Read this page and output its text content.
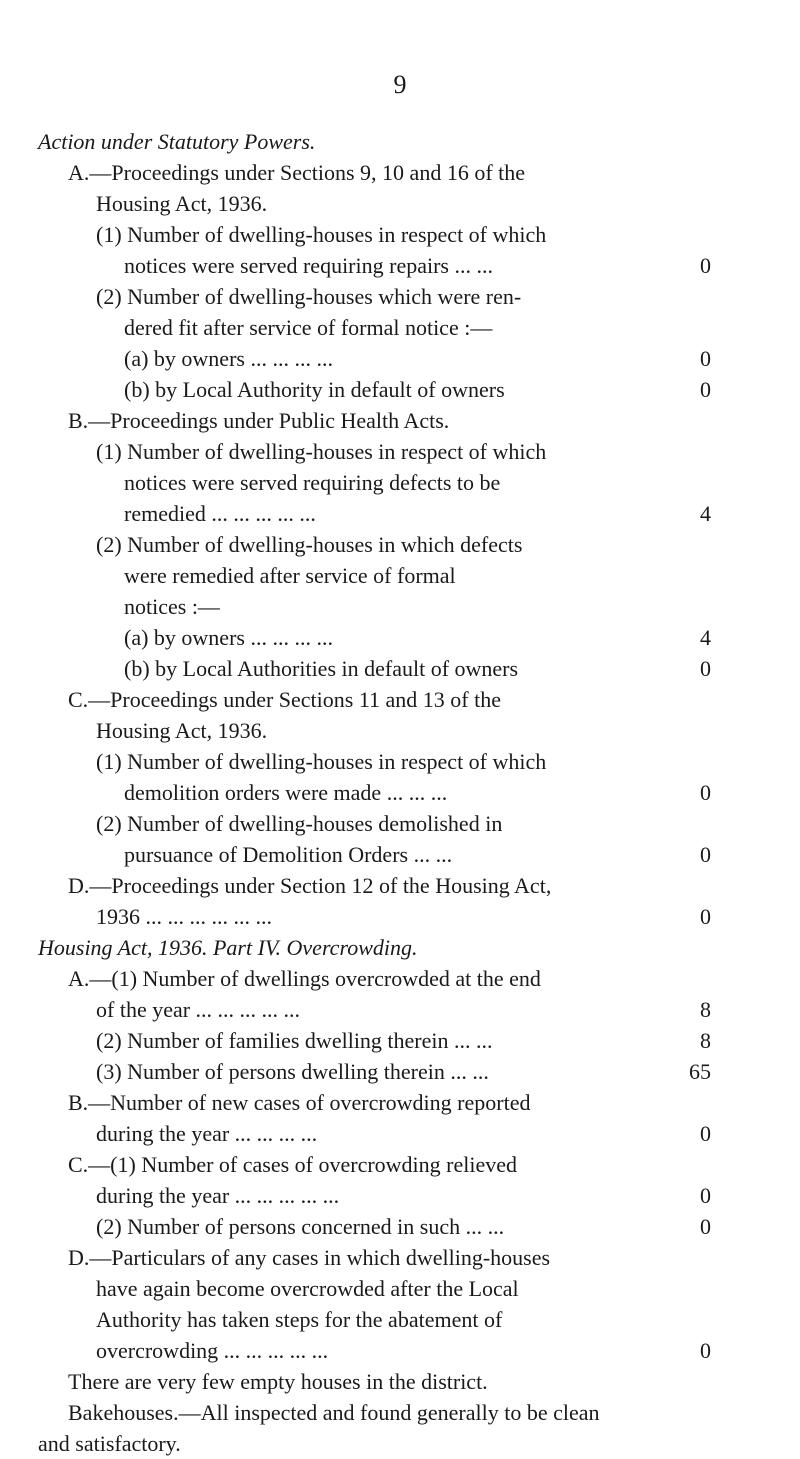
9
Action under Statutory Powers.
A.—Proceedings under Sections 9, 10 and 16 of the
Housing Act, 1936.
(1) Number of dwelling-houses in respect of which
notices were served requiring repairs ... ...	0
(2) Number of dwelling-houses which were ren-
dered fit after service of formal notice :—
(a) by owners ... ... ... ...	0
(b) by Local Authority in default of owners	0
B.—Proceedings under Public Health Acts.
(1) Number of dwelling-houses in respect of which
notices were served requiring defects to be
remedied ... ... ... ... ...	4
(2) Number of dwelling-houses in which defects
were remedied after service of formal
notices :—
(a) by owners ... ... ... ...	4
(b) by Local Authorities in default of owners	0
C.—Proceedings under Sections 11 and 13 of the
Housing Act, 1936.
(1) Number of dwelling-houses in respect of which
demolition orders were made ... ... ...	0
(2) Number of dwelling-houses demolished in
pursuance of Demolition Orders ... ...	0
D.—Proceedings under Section 12 of the Housing Act,
1936 ... ... ... ... ... ...	0
Housing Act, 1936. Part IV. Overcrowding.
A.—(1) Number of dwellings overcrowded at the end
of the year ... ... ... ... ...	8
(2) Number of families dwelling therein ... ...	8
(3) Number of persons dwelling therein ... ...	65
B.—Number of new cases of overcrowding reported
during the year ... ... ... ...	0
C.—(1) Number of cases of overcrowding relieved
during the year ... ... ... ... ...	0
(2) Number of persons concerned in such ... ...	0
D.—Particulars of any cases in which dwelling-houses
have again become overcrowded after the Local
Authority has taken steps for the abatement of
overcrowding ... ... ... ... ...	0
There are very few empty houses in the district.
Bakehouses.—All inspected and found generally to be clean
and satisfactory.
